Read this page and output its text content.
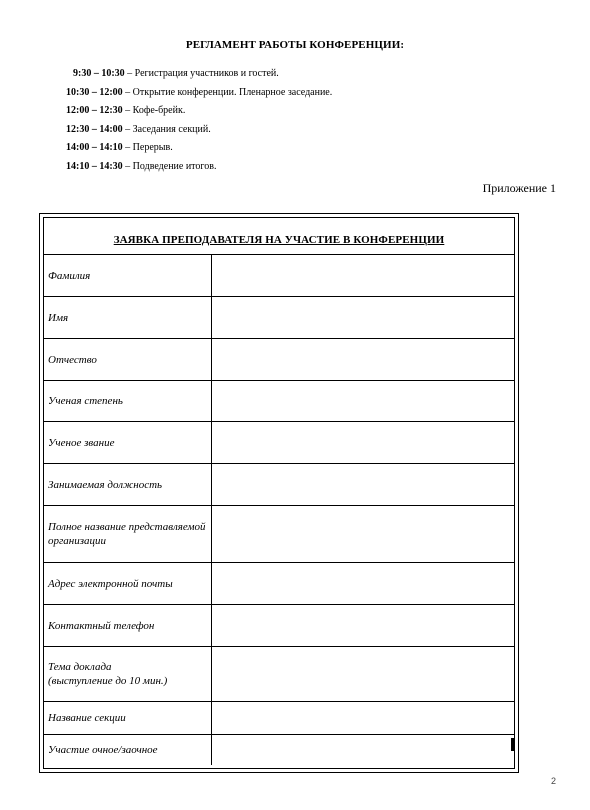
РЕГЛАМЕНТ РАБОТЫ КОНФЕРЕНЦИИ:
9:30 – 10:30 – Регистрация участников и гостей.
10:30 – 12:00 – Открытие конференции. Пленарное заседание.
12:00 – 12:30 – Кофе-брейк.
12:30 – 14:00 – Заседания секций.
14:00 – 14:10 – Перерыв.
14:10 – 14:30 – Подведение итогов.
Приложение 1
ЗАЯВКА ПРЕПОДАВАТЕЛЯ НА УЧАСТИЕ В КОНФЕРЕНЦИИ	

Фамилия	
Имя	
Отчество	
Ученая степень	
Ученое звание	
Занимаемая должность	
Полное название представляемой организации	
Адрес электронной почты	
Контактный телефон	
Тема доклада
(выступление до 10 мин.)	
Название секции	
Участие очное/заочное	
2
